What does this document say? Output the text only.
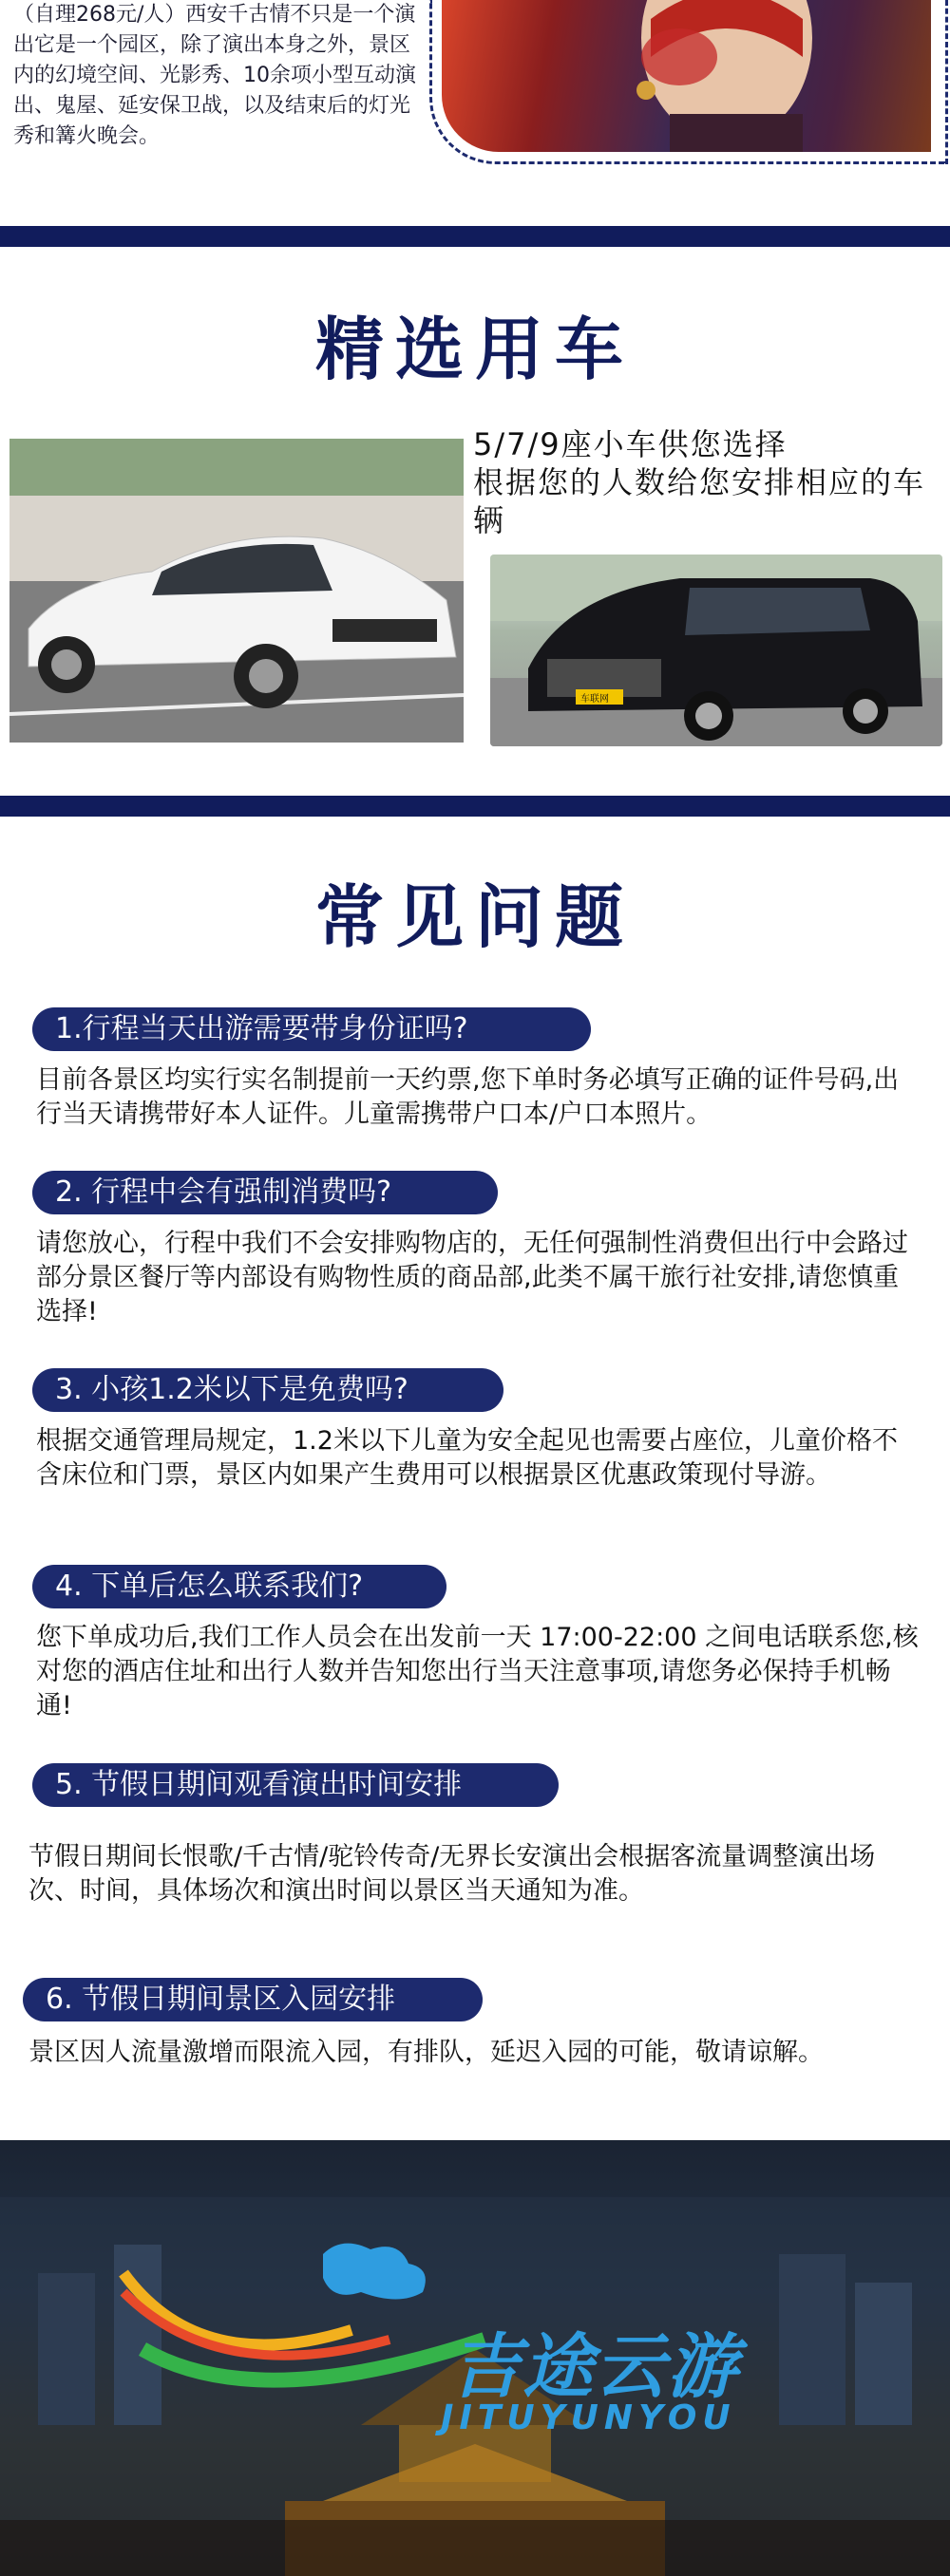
（自理268元/人）西安千古情不只是一个演出它是一个园区，除了演出本身之外，景区内的幻境空间、光影秀、10余项小型互动演出、鬼屋、延安保卫战，以及结束后的灯光秀和篝火晚会。
精选用车
5/7/9座小车供您选择
根据您的人数给您安排相应的车辆
车联网
常见问题
1.行程当天出游需要带身份证吗?
目前各景区均实行实名制提前一天约票,您下单时务必填写正确的证件号码,出行当天请携带好本人证件。儿童需携带户口本/户口本照片。
2. 行程中会有强制消费吗?
请您放心，行程中我们不会安排购物店的，无任何强制性消费但出行中会路过部分景区餐厅等内部设有购物性质的商品部,此类不属干旅行社安排,请您慎重选择!
3. 小孩1.2米以下是免费吗?
根据交通管理局规定，1.2米以下儿童为安全起见也需要占座位，儿童价格不含床位和门票，景区内如果产生费用可以根据景区优惠政策现付导游。
4. 下单后怎么联系我们?
您下单成功后,我们工作人员会在出发前一天 17:00-22:00 之间电话联系您,核对您的酒店住址和出行人数并告知您出行当天注意事项,请您务必保持手机畅通!
5. 节假日期间观看演出时间安排
节假日期间长恨歌/千古情/驼铃传奇/无界长安演出会根据客流量调整演出场次、时间，具体场次和演出时间以景区当天通知为准。
6. 节假日期间景区入园安排
景区因人流量激增而限流入园，有排队，延迟入园的可能，敬请谅解。
吉途云游
JITUYUNYOU
